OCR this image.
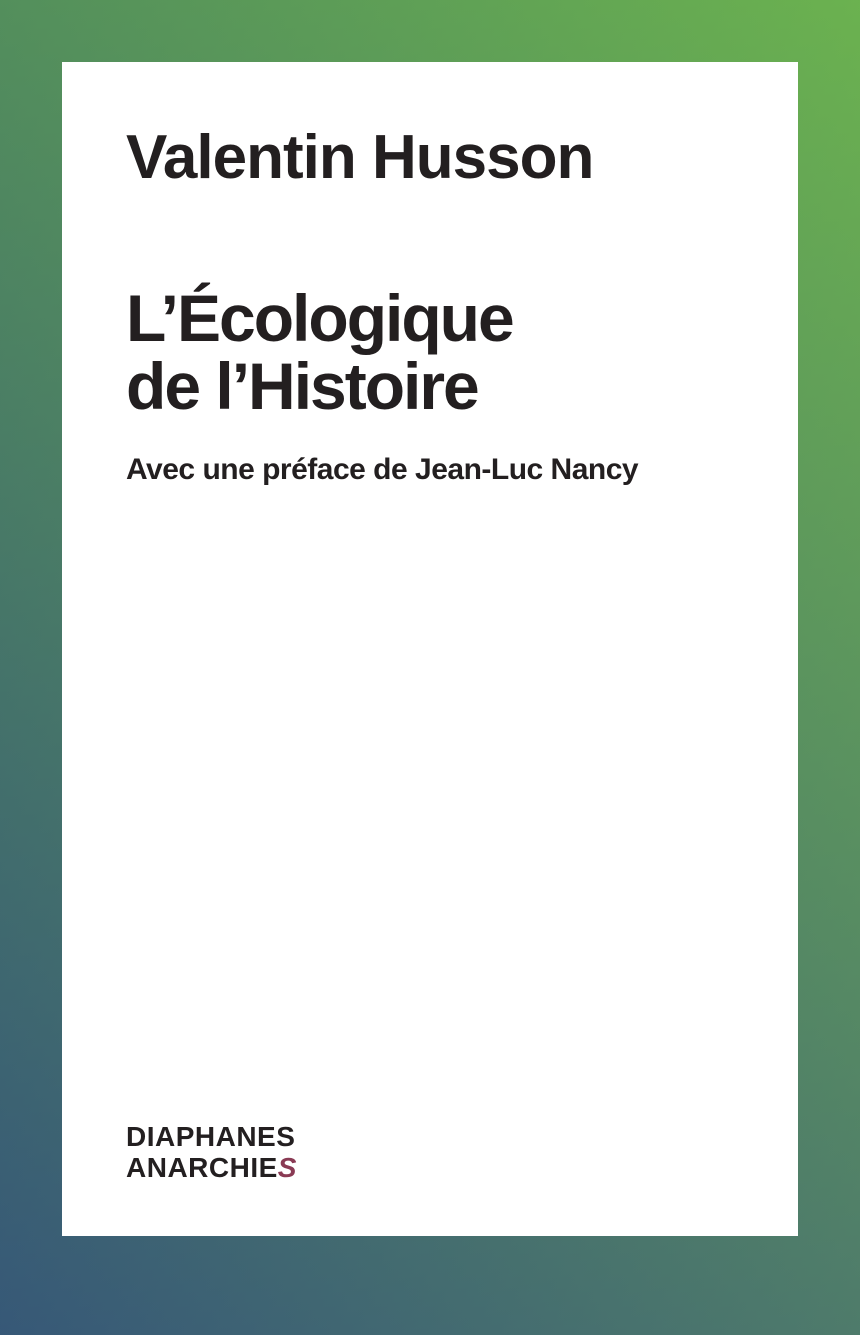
Valentin Husson
L’Écologique
de l’Histoire

Avec une préface de Jean-Luc Nancy

DIAPHANES
ANARCHIES
